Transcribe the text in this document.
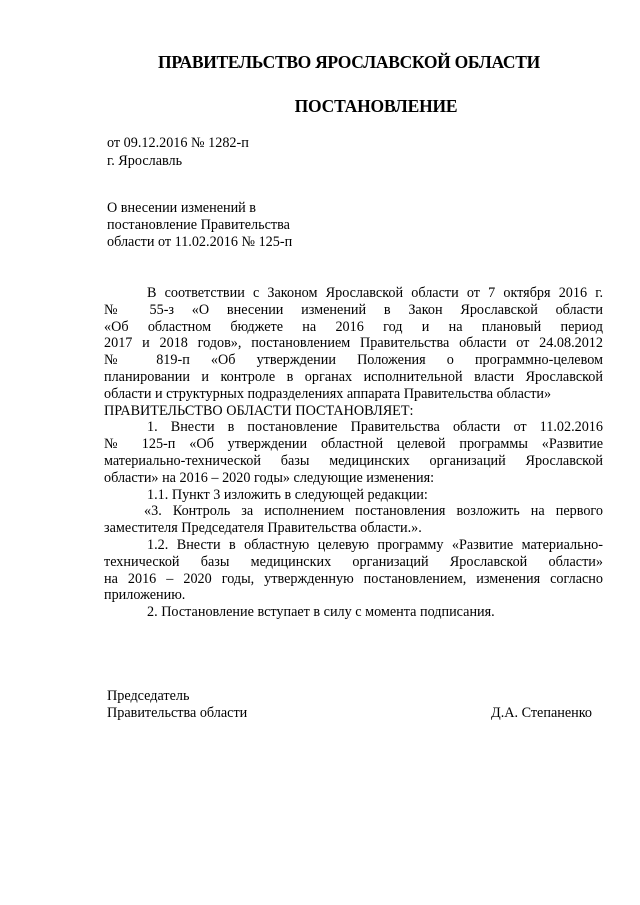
ПРАВИТЕЛЬСТВО ЯРОСЛАВСКОЙ ОБЛАСТИ
ПОСТАНОВЛЕНИЕ
от 09.12.2016 № 1282-п
г. Ярославль
О внесении изменений в
постановление Правительства
области от 11.02.2016 № 125-п
В соответствии с Законом Ярославской области от 7 октября 2016 г.
№ 55-з «О внесении изменений в Закон Ярославской области
«Об областном бюджете на 2016 год и на плановый период
2017 и 2018 годов», постановлением Правительства области от 24.08.2012
№ 819-п «Об утверждении Положения о программно-целевом
планировании и контроле в органах исполнительной власти Ярославской
области и структурных подразделениях аппарата Правительства области»
ПРАВИТЕЛЬСТВО ОБЛАСТИ ПОСТАНОВЛЯЕТ:
1. Внести в постановление Правительства области от 11.02.2016
№ 125-п «Об утверждении областной целевой программы «Развитие
материально-технической базы медицинских организаций Ярославской
области» на 2016 – 2020 годы» следующие изменения:
1.1. Пункт 3 изложить в следующей редакции:
«3. Контроль за исполнением постановления возложить на первого
заместителя Председателя Правительства области.».
1.2. Внести в областную целевую программу «Развитие материально-
технической базы медицинских организаций Ярославской области»
на 2016 – 2020 годы, утвержденную постановлением, изменения согласно
приложению.
2. Постановление вступает в силу с момента подписания.
Председатель
Правительства области	Д.А. Степаненко
